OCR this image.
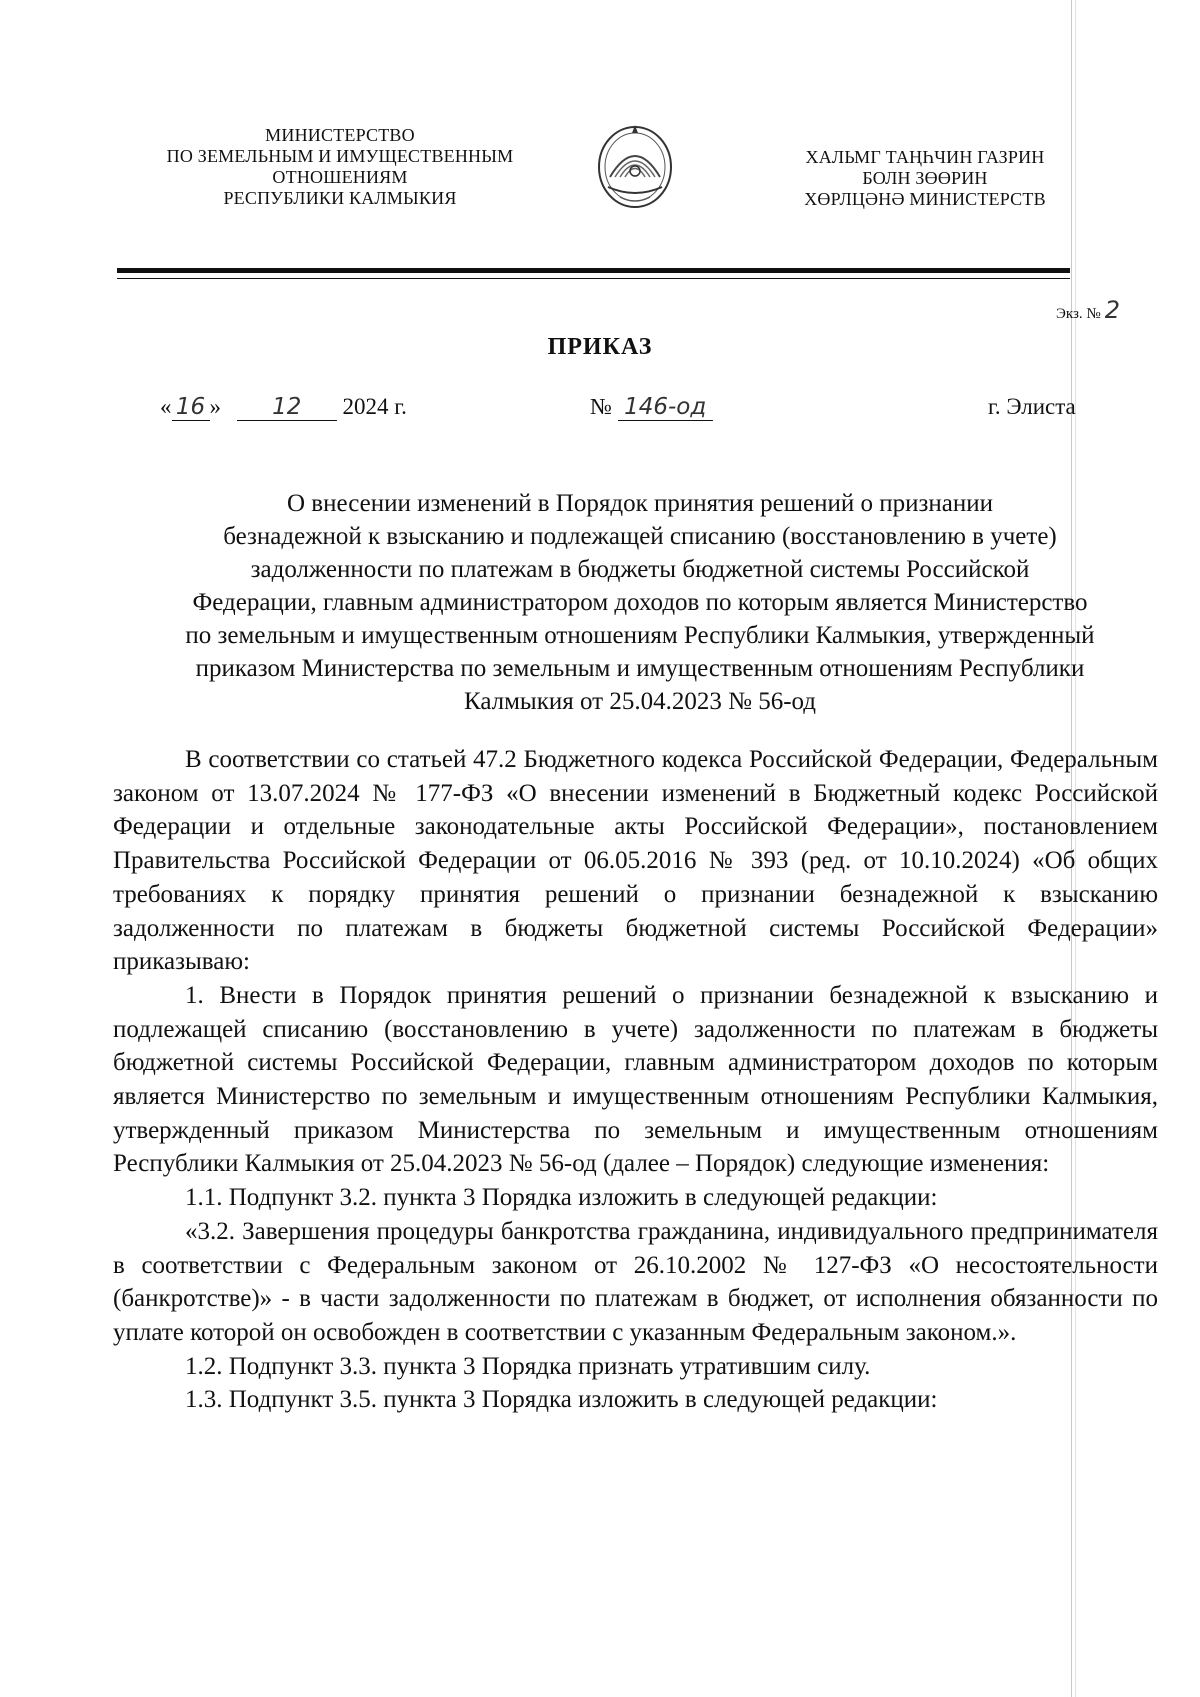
МИНИСТЕРСТВО
ПО ЗЕМЕЛЬНЫМ И ИМУЩЕСТВЕННЫМ
ОТНОШЕНИЯМ
РЕСПУБЛИКИ КАЛМЫКИЯ
ХАЛЬМГ ТАҢҺЧИН ГАЗРИН
БОЛН ЗӨӨРИН
ХӨРЛЦӘНӘ МИНИСТЕРСТВ
Экз. № 2
ПРИКАЗ
« 16 » 12 2024 г.	№ 146-од	г. Элиста
О внесении изменений в Порядок принятия решений о признании
безнадежной к взысканию и подлежащей списанию (восстановлению в учете)
задолженности по платежам в бюджеты бюджетной системы Российской
Федерации, главным администратором доходов по которым является Министерство
по земельным и имущественным отношениям Республики Калмыкия, утвержденный
приказом Министерства по земельным и имущественным отношениям Республики
Калмыкия от 25.04.2023 № 56-од

В соответствии со статьей 47.2 Бюджетного кодекса Российской Федерации, Федеральным законом от 13.07.2024 № 177-ФЗ «О внесении изменений в Бюджетный кодекс Российской Федерации и отдельные законодательные акты Российской Федерации», постановлением Правительства Российской Федерации от 06.05.2016 № 393 (ред. от 10.10.2024) «Об общих требованиях к порядку принятия решений о признании безнадежной к взысканию задолженности по платежам в бюджеты бюджетной системы Российской Федерации» приказываю:

1. Внести в Порядок принятия решений о признании безнадежной к взысканию и подлежащей списанию (восстановлению в учете) задолженности по платежам в бюджеты бюджетной системы Российской Федерации, главным администратором доходов по которым является Министерство по земельным и имущественным отношениям Республики Калмыкия, утвержденный приказом Министерства по земельным и имущественным отношениям Республики Калмыкия от 25.04.2023 № 56-од (далее – Порядок) следующие изменения:

1.1. Подпункт 3.2. пункта 3 Порядка изложить в следующей редакции:

«3.2. Завершения процедуры банкротства гражданина, индивидуального предпринимателя в соответствии с Федеральным законом от 26.10.2002 № 127-ФЗ «О несостоятельности (банкротстве)» - в части задолженности по платежам в бюджет, от исполнения обязанности по уплате которой он освобожден в соответствии с указанным Федеральным законом.».

1.2. Подпункт 3.3. пункта 3 Порядка признать утратившим силу.

1.3. Подпункт 3.5. пункта 3 Порядка изложить в следующей редакции:
